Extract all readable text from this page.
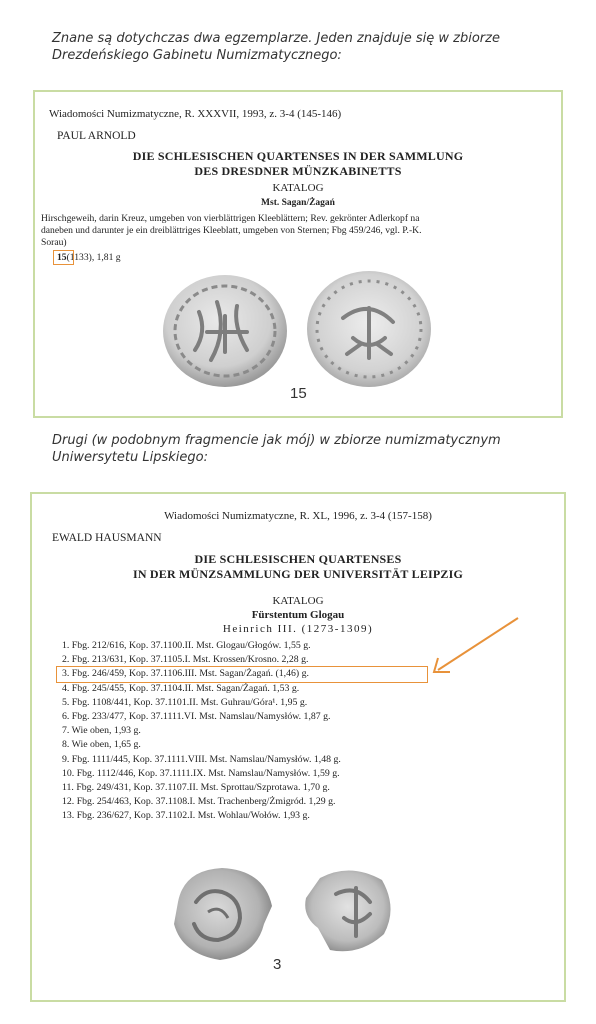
Znane są dotychczas dwa egzemplarze. Jeden znajduje się w zbiorze Drezdeńskiego Gabinetu Numizmatycznego:
Wiadomości Numizmatyczne, R. XXXVII, 1993, z. 3-4 (145-146)
PAUL ARNOLD
DIE SCHLESISCHEN QUARTENSES IN DER SAMMLUNG
DES DRESDNER MÜNZKABINETTS
KATALOG
Mst. Sagan/Żagań
Hirschgeweih, darin Kreuz, umgeben von vierblättrigen Kleeblättern; Rev. gekrönter Adlerkopf na
daneben und darunter je ein dreiblättriges Kleeblatt, umgeben von Sternen; Fbg 459/246, vgl. P.-K.
Sorau)
15(1133), 1,81 g
15
Drugi (w podobnym fragmencie jak mój) w zbiorze numizmatycznym Uniwersytetu Lipskiego:
Wiadomości Numizmatyczne, R. XL, 1996, z. 3-4 (157-158)
EWALD HAUSMANN
DIE SCHLESISCHEN QUARTENSES
IN DER MÜNZSAMMLUNG DER UNIVERSITÄT LEIPZIG
KATALOG
Fürstentum Glogau
Heinrich III. (1273-1309)
1. Fbg. 212/616, Kop. 37.1100.II. Mst. Glogau/Głogów. 1,55 g.
2. Fbg. 213/631, Kop. 37.1105.I. Mst. Krossen/Krosno. 2,28 g.
3. Fbg. 246/459, Kop. 37.1106.III. Mst. Sagan/Żagań. (1,46) g.
4. Fbg. 245/455, Kop. 37.1104.II. Mst. Sagan/Żagań. 1,53 g.
5. Fbg. 1108/441, Kop. 37.1101.II. Mst. Guhrau/Góra¹. 1,95 g.
6. Fbg. 233/477, Kop. 37.1111.VI. Mst. Namslau/Namysłów. 1,87 g.
7. Wie oben, 1,93 g.
8. Wie oben, 1,65 g.
9. Fbg. 1111/445, Kop. 37.1111.VIII. Mst. Namslau/Namysłów. 1,48 g.
10. Fbg. 1112/446, Kop. 37.1111.IX. Mst. Namslau/Namysłów. 1,59 g.
11. Fbg. 249/431, Kop. 37.1107.II. Mst. Sprottau/Szprotawa. 1,70 g.
12. Fbg. 254/463, Kop. 37.1108.I. Mst. Trachenberg/Żmigród. 1,29 g.
13. Fbg. 236/627, Kop. 37.1102.I. Mst. Wohlau/Wołów. 1,93 g.
3
